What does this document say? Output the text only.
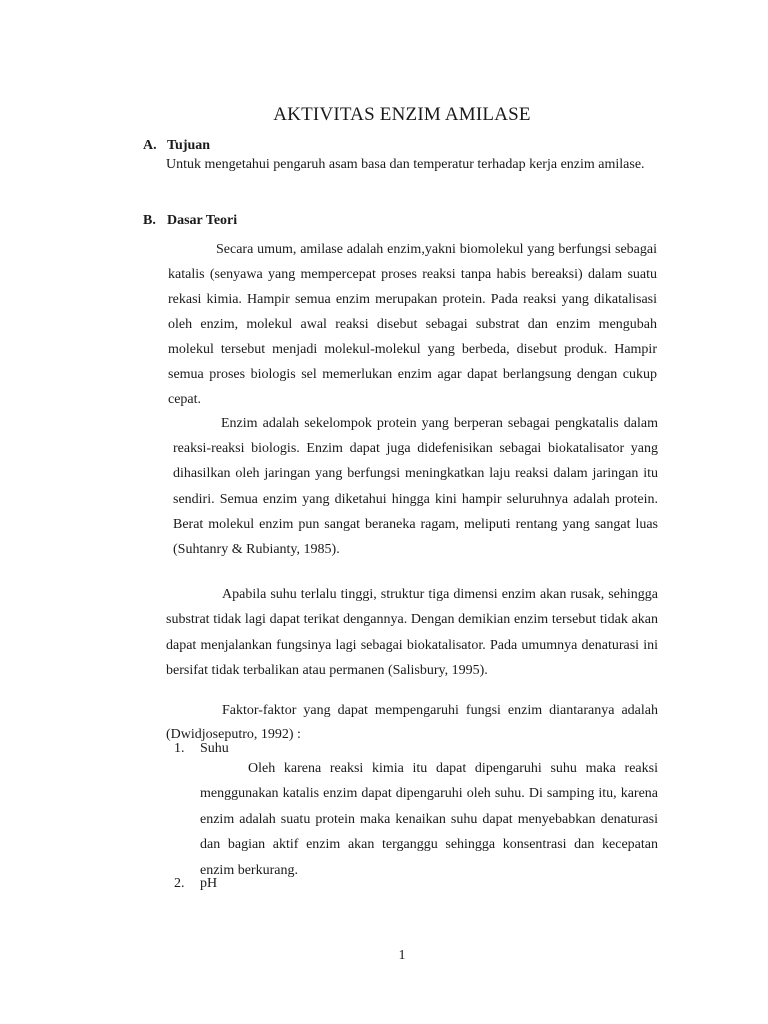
AKTIVITAS ENZIM AMILASE
A. Tujuan
Untuk mengetahui pengaruh asam basa dan temperatur terhadap kerja enzim amilase.
B. Dasar Teori
Secara umum, amilase adalah enzim,yakni biomolekul yang berfungsi sebagai katalis (senyawa yang mempercepat proses reaksi tanpa habis bereaksi) dalam suatu rekasi kimia. Hampir semua enzim merupakan protein. Pada reaksi yang dikatalisasi oleh enzim, molekul awal reaksi disebut sebagai substrat dan enzim mengubah molekul tersebut menjadi molekul-molekul yang berbeda, disebut produk. Hampir semua proses biologis sel memerlukan enzim agar dapat berlangsung dengan cukup cepat.
Enzim adalah sekelompok protein yang berperan sebagai pengkatalis dalam reaksi-reaksi biologis. Enzim dapat juga didefenisikan sebagai biokatalisator yang dihasilkan oleh jaringan yang berfungsi meningkatkan laju reaksi dalam jaringan itu sendiri. Semua enzim yang diketahui hingga kini hampir seluruhnya adalah protein. Berat molekul enzim pun sangat beraneka ragam, meliputi rentang yang sangat luas (Suhtanry & Rubianty, 1985).
Apabila suhu terlalu tinggi, struktur tiga dimensi enzim akan rusak, sehingga substrat tidak lagi dapat terikat dengannya. Dengan demikian enzim tersebut tidak akan dapat menjalankan fungsinya lagi sebagai biokatalisator. Pada umumnya denaturasi ini bersifat tidak terbalikan atau permanen (Salisbury, 1995).
Faktor-faktor yang dapat mempengaruhi fungsi enzim diantaranya adalah (Dwidjoseputro, 1992) :
1. Suhu
Oleh karena reaksi kimia itu dapat dipengaruhi suhu maka reaksi menggunakan katalis enzim dapat dipengaruhi oleh suhu. Di samping itu, karena enzim adalah suatu protein maka kenaikan suhu dapat menyebabkan denaturasi dan bagian aktif enzim akan terganggu sehingga konsentrasi dan kecepatan enzim berkurang.
2. pH
1
